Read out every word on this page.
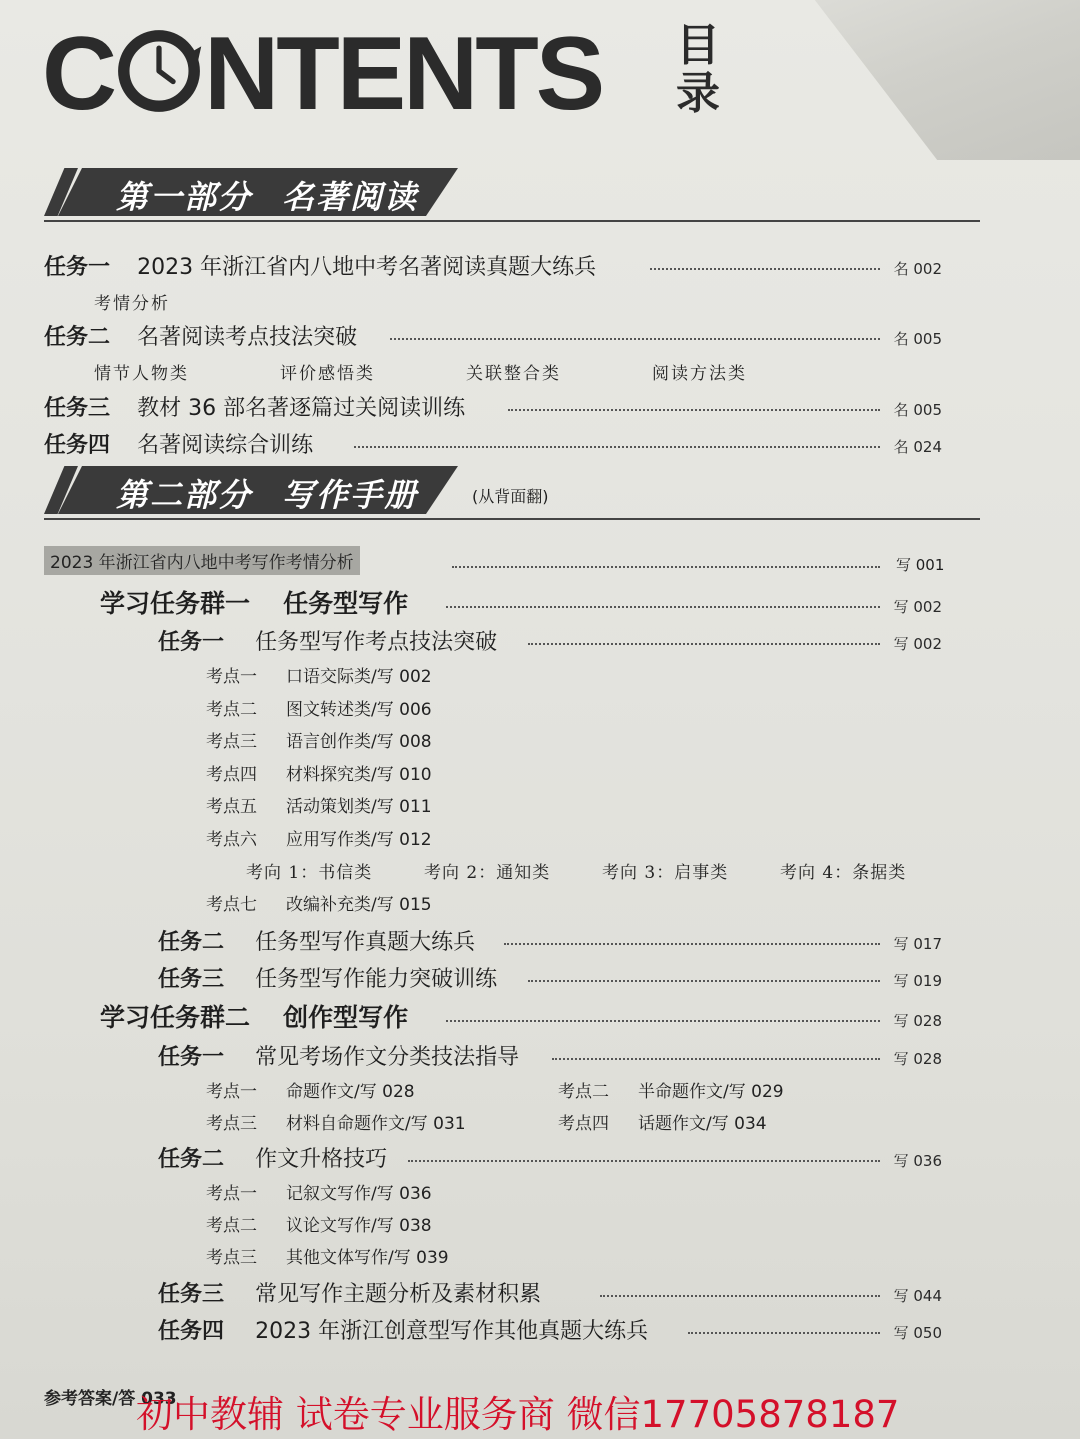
C NTENTS 目
录
第一部分 名著阅读
任务一 2023 年浙江省内八地中考名著阅读真题大练兵	名 002
考情分析
任务二 名著阅读考点技法突破	名 005
情节人物类	评价感悟类	关联整合类	阅读方法类
任务三 教材 36 部名著逐篇过关阅读训练	名 005
任务四 名著阅读综合训练	名 024
第二部分 写作手册	(从背面翻)
2023 年浙江省内八地中考写作考情分析	写 001
学习任务群一 任务型写作	写 002
任务一 任务型写作考点技法突破	写 002
考点一 口语交际类/写 002
考点二 图文转述类/写 006
考点三 语言创作类/写 008
考点四 材料探究类/写 010
考点五 活动策划类/写 011
考点六 应用写作类/写 012
考向 1：书信类	考向 2：通知类	考向 3：启事类	考向 4：条据类
考点七 改编补充类/写 015
任务二 任务型写作真题大练兵	写 017
任务三 任务型写作能力突破训练	写 019
学习任务群二 创作型写作	写 028
任务一 常见考场作文分类技法指导	写 028
考点一 命题作文/写 028	考点二 半命题作文/写 029
考点三 材料自命题作文/写 031	考点四 话题作文/写 034
任务二 作文升格技巧	写 036
考点一 记叙文写作/写 036
考点二 议论文写作/写 038
考点三 其他文体写作/写 039
任务三 常见写作主题分析及素材积累	写 044
任务四 2023 年浙江创意型写作其他真题大练兵	写 050
参考答案/答 033
初中教辅 试卷专业服务商 微信17705878187
